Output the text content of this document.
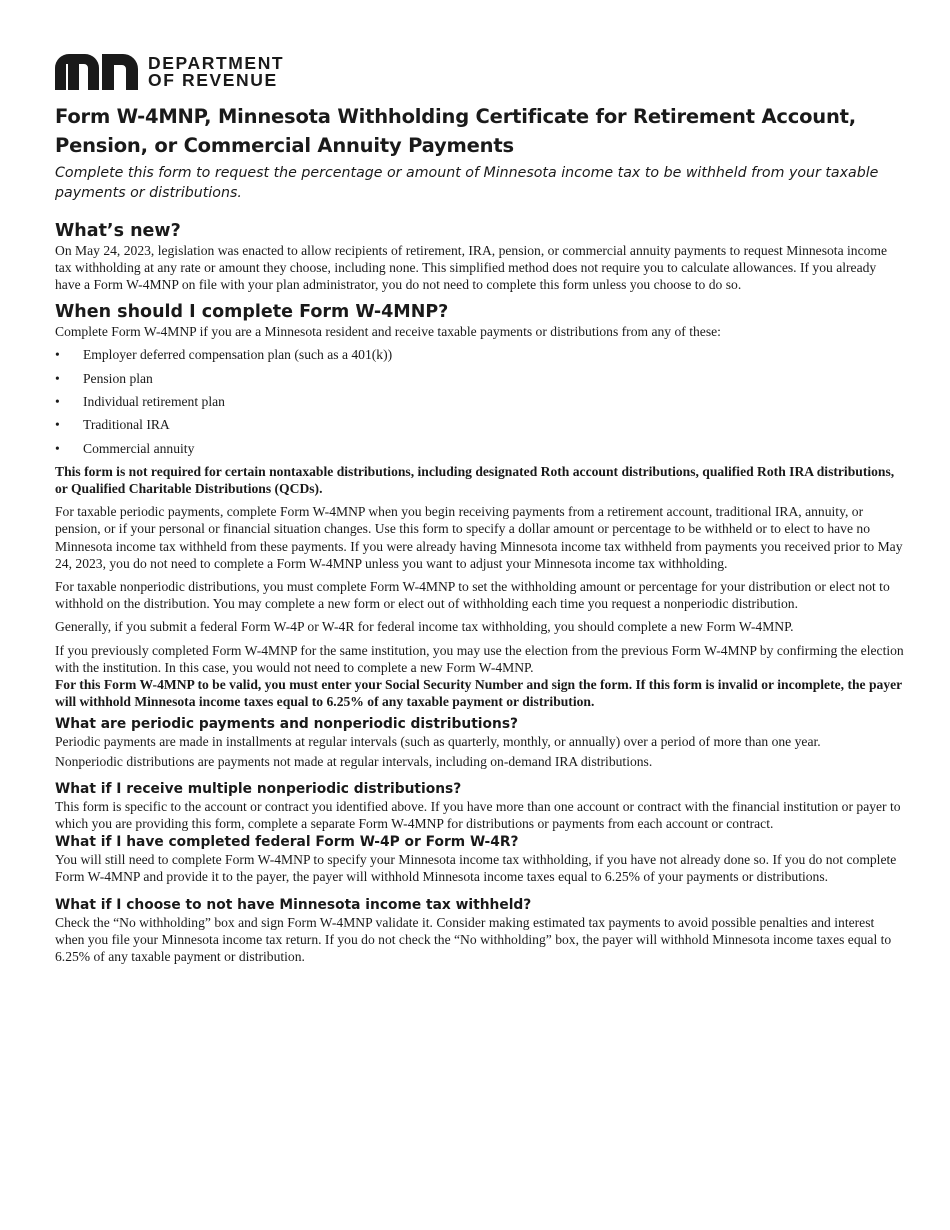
DEPARTMENT
OF REVENUE
Form W-4MNP, Minnesota Withholding Certificate for Retirement Account, Pension, or Commercial Annuity Payments

Complete this form to request the percentage or amount of Minnesota income tax to be withheld from your taxable payments or distributions.

What’s new?

On May 24, 2023, legislation was enacted to allow recipients of retirement, IRA, pension, or commercial annuity payments to request Minnesota income tax withholding at any rate or amount they choose, including none. This simplified method does not require you to calculate allowances. If you already have a Form W-4MNP on file with your plan administrator, you do not need to complete this form unless you choose to do so.

When should I complete Form W-4MNP?

Complete Form W-4MNP if you are a Minnesota resident and receive taxable payments or distributions from any of these:

• Employer deferred compensation plan (such as a 401(k))
• Pension plan
• Individual retirement plan
• Traditional IRA
• Commercial annuity

This form is not required for certain nontaxable distributions, including designated Roth account distributions, qualified Roth IRA distributions, or Qualified Charitable Distributions (QCDs).

For taxable periodic payments, complete Form W-4MNP when you begin receiving payments from a retirement account, traditional IRA, annuity, or pension, or if your personal or financial situation changes. Use this form to specify a dollar amount or percentage to be withheld or to elect to have no Minnesota income tax withheld from these payments. If you were already having Minnesota income tax withheld from payments you received prior to May 24, 2023, you do not need to complete a Form W-4MNP unless you want to adjust your Minnesota income tax withholding.

For taxable nonperiodic distributions, you must complete Form W-4MNP to set the withholding amount or percentage for your distribution or elect not to withhold on the distribution. You may complete a new form or elect out of withholding each time you request a nonperiodic distribution.

Generally, if you submit a federal Form W-4P or W-4R for federal income tax withholding, you should complete a new Form W-4MNP.

If you previously completed Form W-4MNP for the same institution, you may use the election from the previous Form W-4MNP by confirming the election with the institution. In this case, you would not need to complete a new Form W-4MNP.

For this Form W-4MNP to be valid, you must enter your Social Security Number and sign the form. If this form is invalid or incomplete, the payer will withhold Minnesota income taxes equal to 6.25% of any taxable payment or distribution.

What are periodic payments and nonperiodic distributions?

Periodic payments are made in installments at regular intervals (such as quarterly, monthly, or annually) over a period of more than one year.

Nonperiodic distributions are payments not made at regular intervals, including on-demand IRA distributions.

What if I receive multiple nonperiodic distributions?

This form is specific to the account or contract you identified above. If you have more than one account or contract with the financial institution or payer to which you are providing this form, complete a separate Form W-4MNP for distributions or payments from each account or contract.

What if I have completed federal Form W-4P or Form W-4R?

You will still need to complete Form W-4MNP to specify your Minnesota income tax withholding, if you have not already done so. If you do not complete Form W-4MNP and provide it to the payer, the payer will withhold Minnesota income taxes equal to 6.25% of your payments or distributions.

What if I choose to not have Minnesota income tax withheld?

Check the “No withholding” box and sign Form W-4MNP validate it. Consider making estimated tax payments to avoid possible penalties and interest when you file your Minnesota income tax return. If you do not check the “No withholding” box, the payer will withhold Minnesota income taxes equal to 6.25% of any taxable payment or distribution.
